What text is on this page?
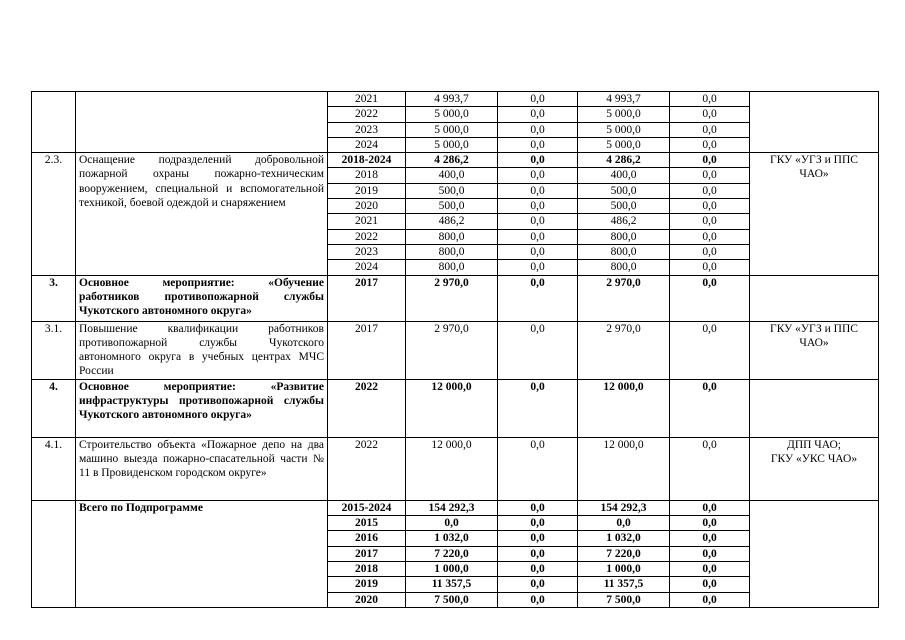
		2021	4 993,7	0,0	4 993,7	0,0	
		2022	5 000,0	0,0	5 000,0	0,0	
		2023	5 000,0	0,0	5 000,0	0,0	
		2024	5 000,0	0,0	5 000,0	0,0	
2.3.	Оснащение подразделений добровольной пожарной охраны пожарно-техническим вооружением, специальной и вспомогательной техникой, боевой одеждой и снаряжением	2018-2024	4 286,2	0,0	4 286,2	0,0	ГКУ «УГЗ и ППС ЧАО»

		2018	400,0	0,0	400,0	0,0	
		2019	500,0	0,0	500,0	0,0	
		2020	500,0	0,0	500,0	0,0	
		2021	486,2	0,0	486,2	0,0	
		2022	800,0	0,0	800,0	0,0	
		2023	800,0	0,0	800,0	0,0	
		2024	800,0	0,0	800,0	0,0	
3.	Основное мероприятие: «Обучение работников противопожарной службы Чукотского автономного округа»	2017	2 970,0	0,0	2 970,0	0,0	
3.1.	Повышение квалификации работников противопожарной службы Чукотского автономного округа в учебных центрах МЧС России	2017	2 970,0	0,0	2 970,0	0,0	ГКУ «УГЗ и ППС ЧАО»

4.	Основное мероприятие: «Развитие инфраструктуры противопожарной службы Чукотского автономного округа»	2022	12 000,0	0,0	12 000,0	0,0	
4.1.	Строительство объекта «Пожарное депо на два машино выезда пожарно-спасательной части № 11 в Провиденском городском округе»	2022	12 000,0	0,0	12 000,0	0,0	ДПП ЧАО;
ГКУ «УКС ЧАО»

	Всего по Подпрограмме	2015-2024	154 292,3	0,0	154 292,3	0,0	
		2015	0,0	0,0	0,0	0,0	
		2016	1 032,0	0,0	1 032,0	0,0	
		2017	7 220,0	0,0	7 220,0	0,0	
		2018	1 000,0	0,0	1 000,0	0,0	
		2019	11 357,5	0,0	11 357,5	0,0	
		2020	7 500,0	0,0	7 500,0	0,0	
